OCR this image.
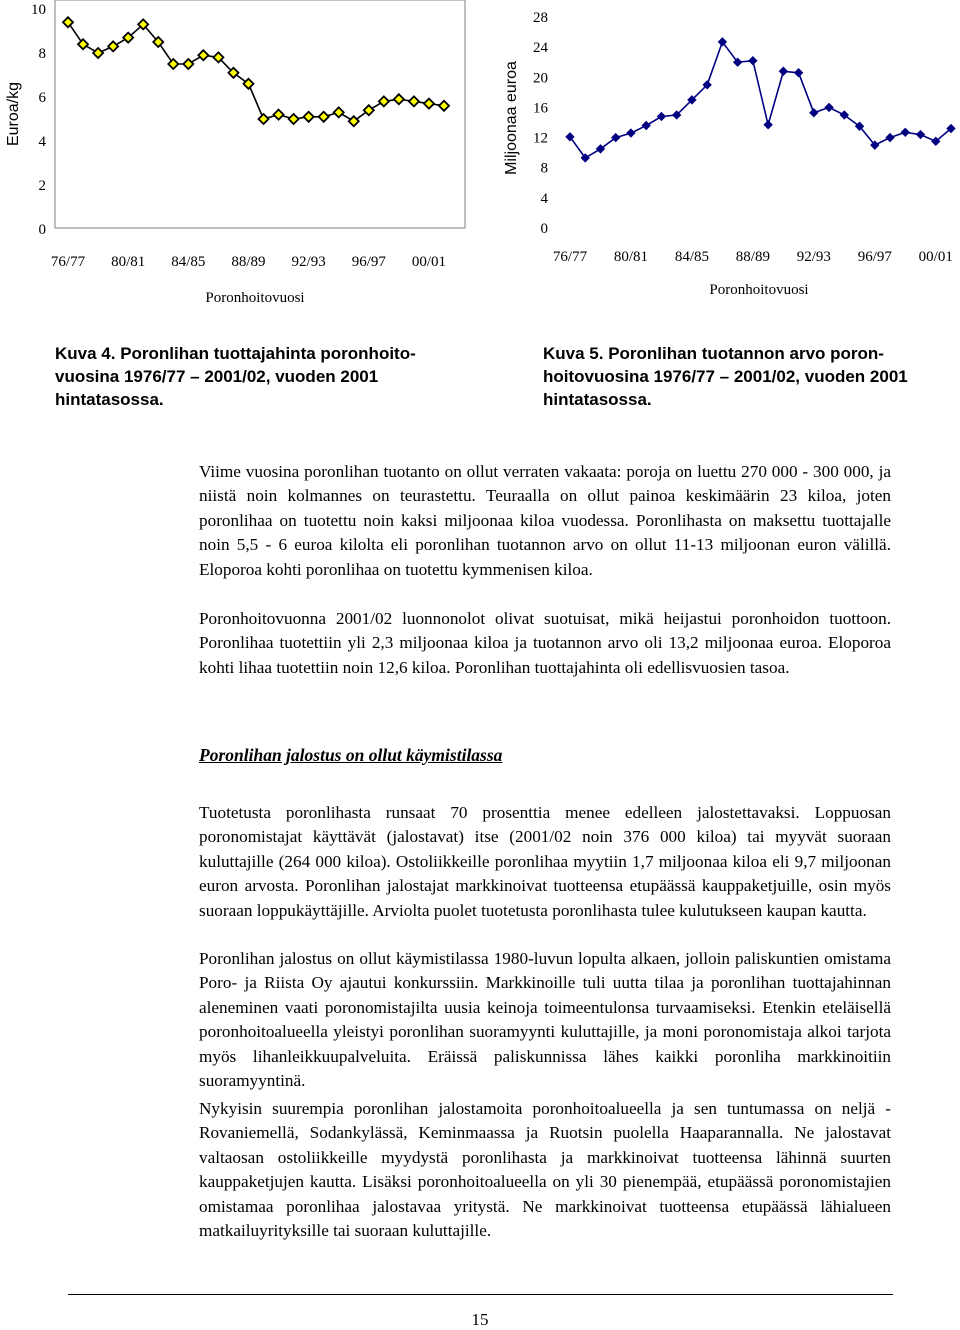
0
2
4
6
8
10
76/77 80/81 84/85 88/89 92/93 96/97 00/01
Euroa/kg
Poronhoitovuosi
0
4
8
12
16
20
24
28
76/77 80/81 84/85 88/89 92/93 96/97 00/01
Miljoonaa euroa
Poronhoitovuosi
Kuva 4. Poronlihan tuottajahinta poronhoito-vuosina 1976/77 – 2001/02, vuoden 2001 hintatasossa.
Kuva 5. Poronlihan tuotannon arvo poron-hoitovuosina 1976/77 – 2001/02, vuoden 2001 hintatasossa.

Viime vuosina poronlihan tuotanto on ollut verraten vakaata: poroja on luettu 270 000 - 300 000, ja niistä noin kolmannes on teurastettu. Teuraalla on ollut painoa keskimäärin 23 kiloa, joten poronlihaa on tuotettu noin kaksi miljoonaa kiloa vuodessa. Poronlihasta on maksettu tuottajalle noin 5,5 - 6 euroa kilolta eli poronlihan tuotannon arvo on ollut 11-13 miljoonan euron välillä. Eloporoa kohti poronlihaa on tuotettu kymmenisen kiloa.

Poronhoitovuonna 2001/02 luonnonolot olivat suotuisat, mikä heijastui poronhoidon tuottoon. Poronlihaa tuotettiin yli 2,3 miljoonaa kiloa ja tuotannon arvo oli 13,2 miljoonaa euroa. Eloporoa kohti lihaa tuotettiin noin 12,6 kiloa. Poronlihan tuottajahinta oli edellisvuosien tasoa.

Poronlihan jalostus on ollut käymistilassa

Tuotetusta poronlihasta runsaat 70 prosenttia menee edelleen jalostettavaksi. Loppuosan poronomistajat käyttävät (jalostavat) itse (2001/02 noin 376 000 kiloa) tai myyvät suoraan kuluttajille (264 000 kiloa). Ostoliikkeille poronlihaa myytiin 1,7 miljoonaa kiloa eli 9,7 miljoonan euron arvosta. Poronlihan jalostajat markkinoivat tuotteensa etupäässä kauppaketjuille, osin myös suoraan loppukäyttäjille. Arviolta puolet tuotetusta poronlihasta tulee kulutukseen kaupan kautta.

Poronlihan jalostus on ollut käymistilassa 1980-luvun lopulta alkaen, jolloin paliskuntien omistama Poro- ja Riista Oy ajautui konkurssiin. Markkinoille tuli uutta tilaa ja poronlihan tuottajahinnan aleneminen vaati poronomistajilta uusia keinoja toimeentulonsa turvaamiseksi. Etenkin eteläisellä poronhoitoalueella yleistyi poronlihan suoramyynti kuluttajille, ja moni poronomistaja alkoi tarjota myös lihanleikkuupalveluita. Eräissä paliskunnissa lähes kaikki poronliha markkinoitiin suoramyyntinä.

Nykyisin suurempia poronlihan jalostamoita poronhoitoalueella ja sen tuntumassa on neljä - Rovaniemellä, Sodankylässä, Keminmaassa ja Ruotsin puolella Haaparannalla. Ne jalostavat valtaosan ostoliikkeille myydystä poronlihasta ja markkinoivat tuotteensa lähinnä suurten kauppaketjujen kautta. Lisäksi poronhoitoalueella on yli 30 pienempää, etupäässä poronomistajien omistamaa poronlihaa jalostavaa yritystä. Ne markkinoivat tuotteensa etupäässä lähialueen matkailuyrityksille tai suoraan kuluttajille.

15
